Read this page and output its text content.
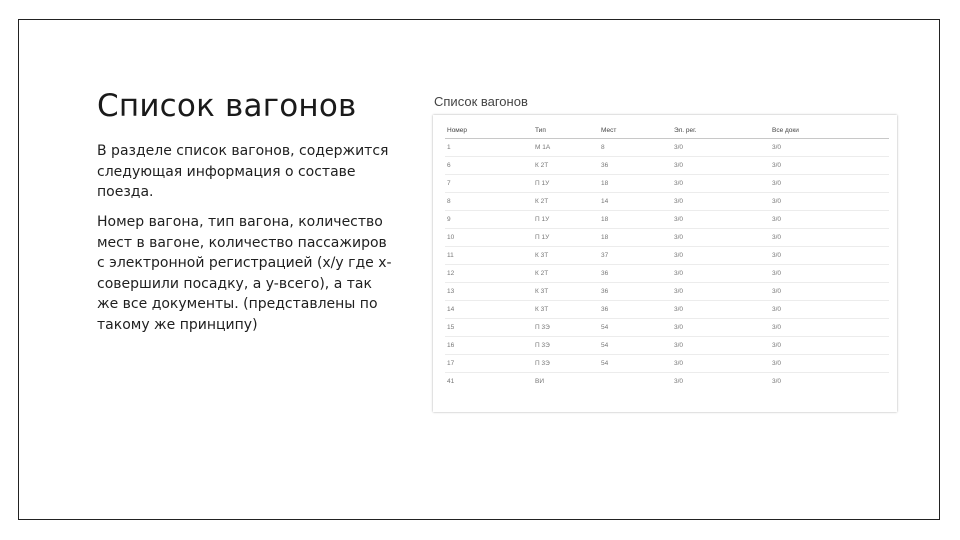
Список вагонов

В разделе список вагонов, содержится следующая информация о составе поезда.

Номер вагона, тип вагона, количество мест в вагоне, количество пассажиров с электронной регистрацией (x/y где x- совершили посадку, a y-всего), а так же все документы. (представлены по такому же принципу)

Список вагонов
Номер	Тип	Мест	Эл. рег.	Все доки
1	М 1А	8	3/0	3/0
6	К 2Т	36	3/0	3/0
7	П 1У	18	3/0	3/0
8	К 2Т	14	3/0	3/0
9	П 1У	18	3/0	3/0
10	П 1У	18	3/0	3/0
11	К 3Т	37	3/0	3/0
12	К 2Т	36	3/0	3/0
13	К 3Т	36	3/0	3/0
14	К 3Т	36	3/0	3/0
15	П 3Э	54	3/0	3/0
16	П 3Э	54	3/0	3/0
17	П 3Э	54	3/0	3/0
41	ВИ		3/0	3/0
